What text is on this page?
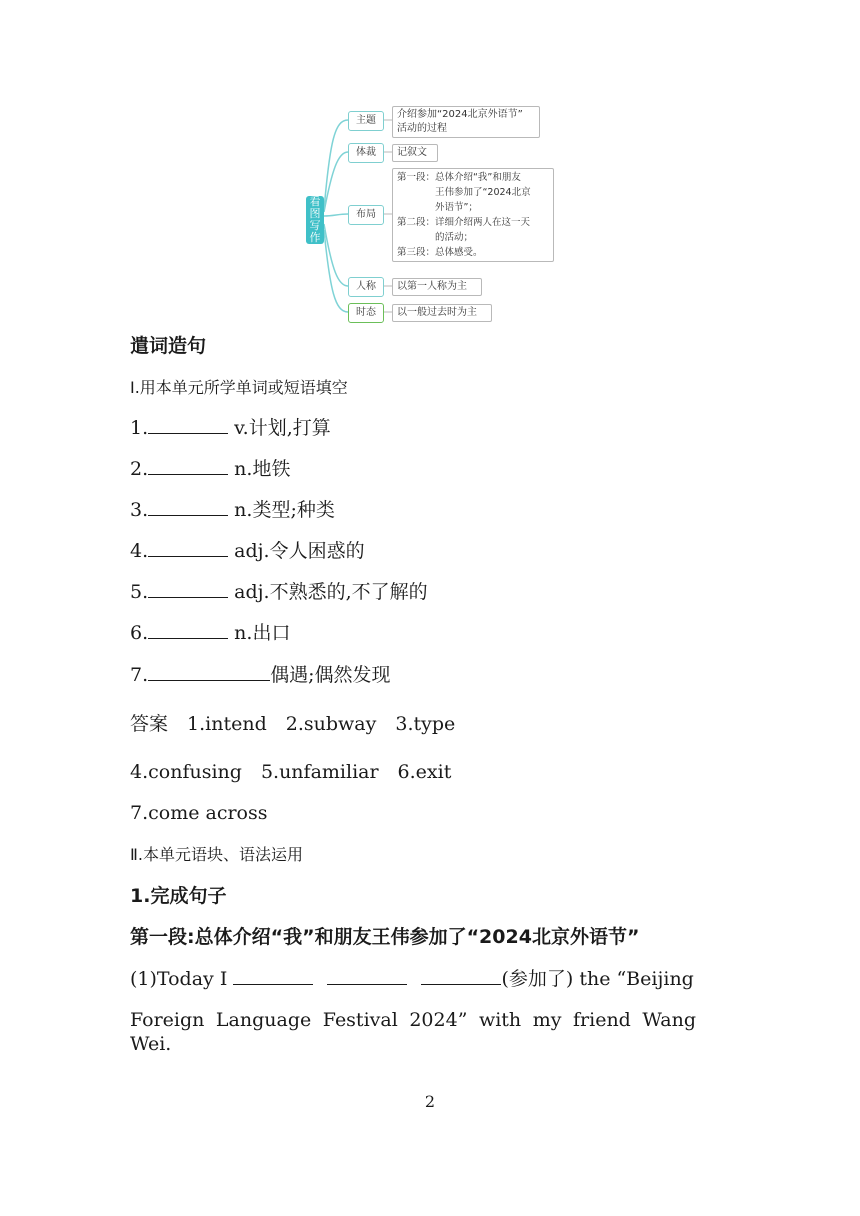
看图写作
主题
介绍参加“2024北京外语节”
活动的过程
体裁	记叙文
布局
第一段：总体介绍“我”和朋友
　　　　王伟参加了“2024北京
　　　　外语节”；
第二段：详细介绍两人在这一天
　　　　的活动；
第三段：总体感受。
人称	以第一人称为主
时态	以一般过去时为主
遣词造句
Ⅰ.用本单元所学单词或短语填空
1.	v.计划,打算
2.	n.地铁
3.	n.类型;种类
4.	adj.令人困惑的
5.	adj.不熟悉的,不了解的
6.	n.出口
7.	偶遇;偶然发现
答案　 1.intend　2.subway　3.type
4.confusing　5.unfamiliar　6.exit
7.come across
Ⅱ.本单元语块、语法运用
1.完成句子
第一段:总体介绍“我”和朋友王伟参加了“2024北京外语节”
(1)Today I	(参加了) the “Beijing
Foreign Language Festival 2024” with my friend Wang Wei.
2
